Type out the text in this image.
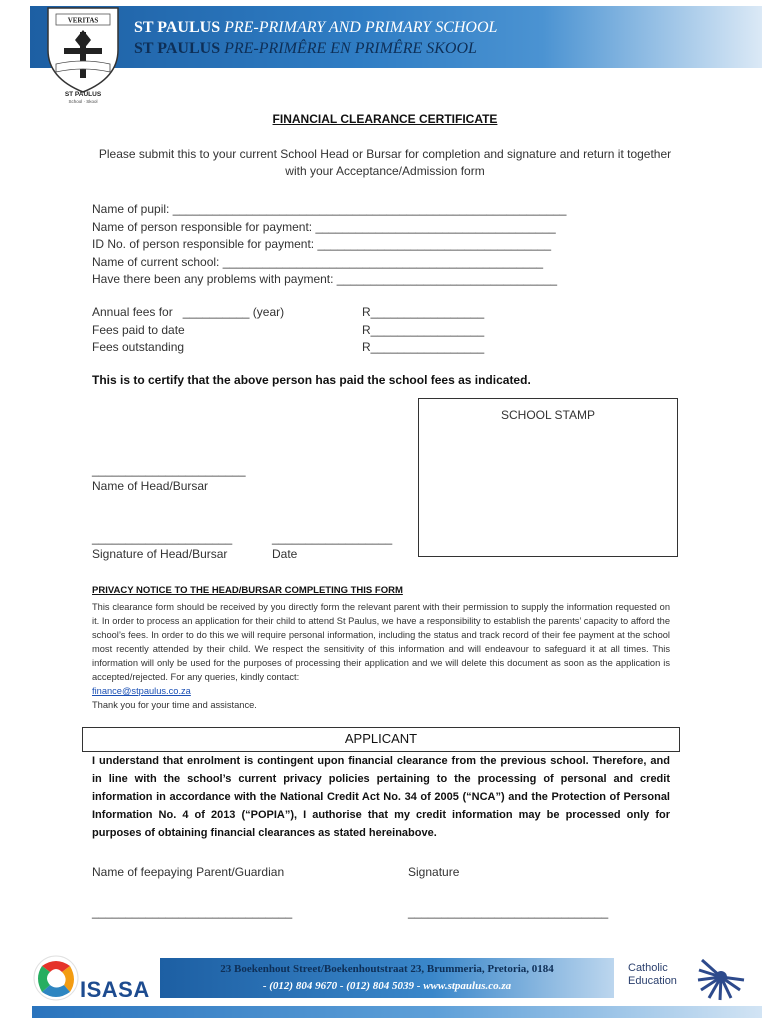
ST PAULUS PRE-PRIMARY AND PRIMARY SCHOOL
ST PAULUS PRE-PRIMÊRE EN PRIMÊRE SKOOL
VERITAS
ST PAULUS
School · Skool
FINANCIAL CLEARANCE CERTIFICATE
Please submit this to your current School Head or Bursar for completion and signature and return it together with your Acceptance/Admission form
Name of pupil: ___________________________________________________________
Name of person responsible for payment: ____________________________________
ID No. of person responsible for payment: ___________________________________
Name of current school: ________________________________________________
Have there been any problems with payment: _________________________________
Annual fees for __________ (year)
Fees paid to date
Fees outstanding
R_________________
R_________________
R_________________
This is to certify that the above person has paid the school fees as indicated.
SCHOOL STAMP
_______________________
Name of Head/Bursar
_____________________
Signature of Head/Bursar
__________________
Date
PRIVACY NOTICE TO THE HEAD/BURSAR COMPLETING THIS FORM
This clearance form should be received by you directly form the relevant parent with their permission to supply the information requested on it. In order to process an application for their child to attend St Paulus, we have a responsibility to establish the parents’ capacity to afford the school’s fees. In order to do this we will require personal information, including the status and track record of their fee payment at the school most recently attended by their child. We respect the sensitivity of this information and will endeavour to safeguard it at all times. This information will only be used for the purposes of processing their application and we will delete this document as soon as the application is accepted/rejected. For any queries, kindly contact:
finance@stpaulus.co.za
Thank you for your time and assistance.
APPLICANT
I understand that enrolment is contingent upon financial clearance from the previous school. Therefore, and in line with the school’s current privacy policies pertaining to the processing of personal and credit information in accordance with the National Credit Act No. 34 of 2005 (“NCA”) and the Protection of Personal Information No. 4 of 2013 (“POPIA”), I authorise that my credit information may be processed only for purposes of obtaining financial clearances as stated hereinabove.
Name of feepaying Parent/Guardian	Signature
______________________________	______________________________
ISASA
23 Boekenhout Street/Boekenhoutstraat 23, Brummeria, Pretoria, 0184
- (012) 804 9670 - (012) 804 5039 - www.stpaulus.co.za
Catholic
Education
